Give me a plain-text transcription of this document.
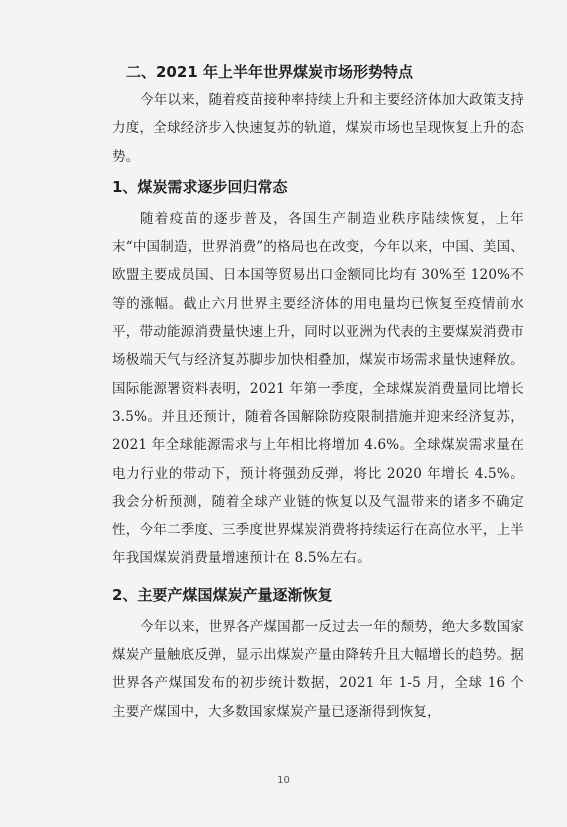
二、2021 年上半年世界煤炭市场形势特点

今年以来，随着疫苗接种率持续上升和主要经济体加大政策支持力度，全球经济步入快速复苏的轨道，煤炭市场也呈现恢复上升的态势。

1、煤炭需求逐步回归常态

随着疫苗的逐步普及，各国生产制造业秩序陆续恢复，上年末“中国制造，世界消费”的格局也在改变，今年以来，中国、美国、欧盟主要成员国、日本国等贸易出口金额同比均有 30%至 120%不等的涨幅。截止六月世界主要经济体的用电量均已恢复至疫情前水平，带动能源消费量快速上升，同时以亚洲为代表的主要煤炭消费市场极端天气与经济复苏脚步加快相叠加，煤炭市场需求量快速释放。国际能源署资料表明，2021 年第一季度，全球煤炭消费量同比增长 3.5%。并且还预计，随着各国解除防疫限制措施并迎来经济复苏，2021 年全球能源需求与上年相比将增加 4.6%。全球煤炭需求量在电力行业的带动下，预计将强劲反弹，将比 2020 年增长 4.5%。我会分析预测，随着全球产业链的恢复以及气温带来的诸多不确定性，今年二季度、三季度世界煤炭消费将持续运行在高位水平，上半年我国煤炭消费量增速预计在 8.5%左右。

2、主要产煤国煤炭产量逐渐恢复

今年以来，世界各产煤国都一反过去一年的颓势，绝大多数国家煤炭产量触底反弹，显示出煤炭产量由降转升且大幅增长的趋势。据世界各产煤国发布的初步统计数据，2021 年 1-5 月，全球 16 个主要产煤国中，大多数国家煤炭产量已逐渐得到恢复，

10
